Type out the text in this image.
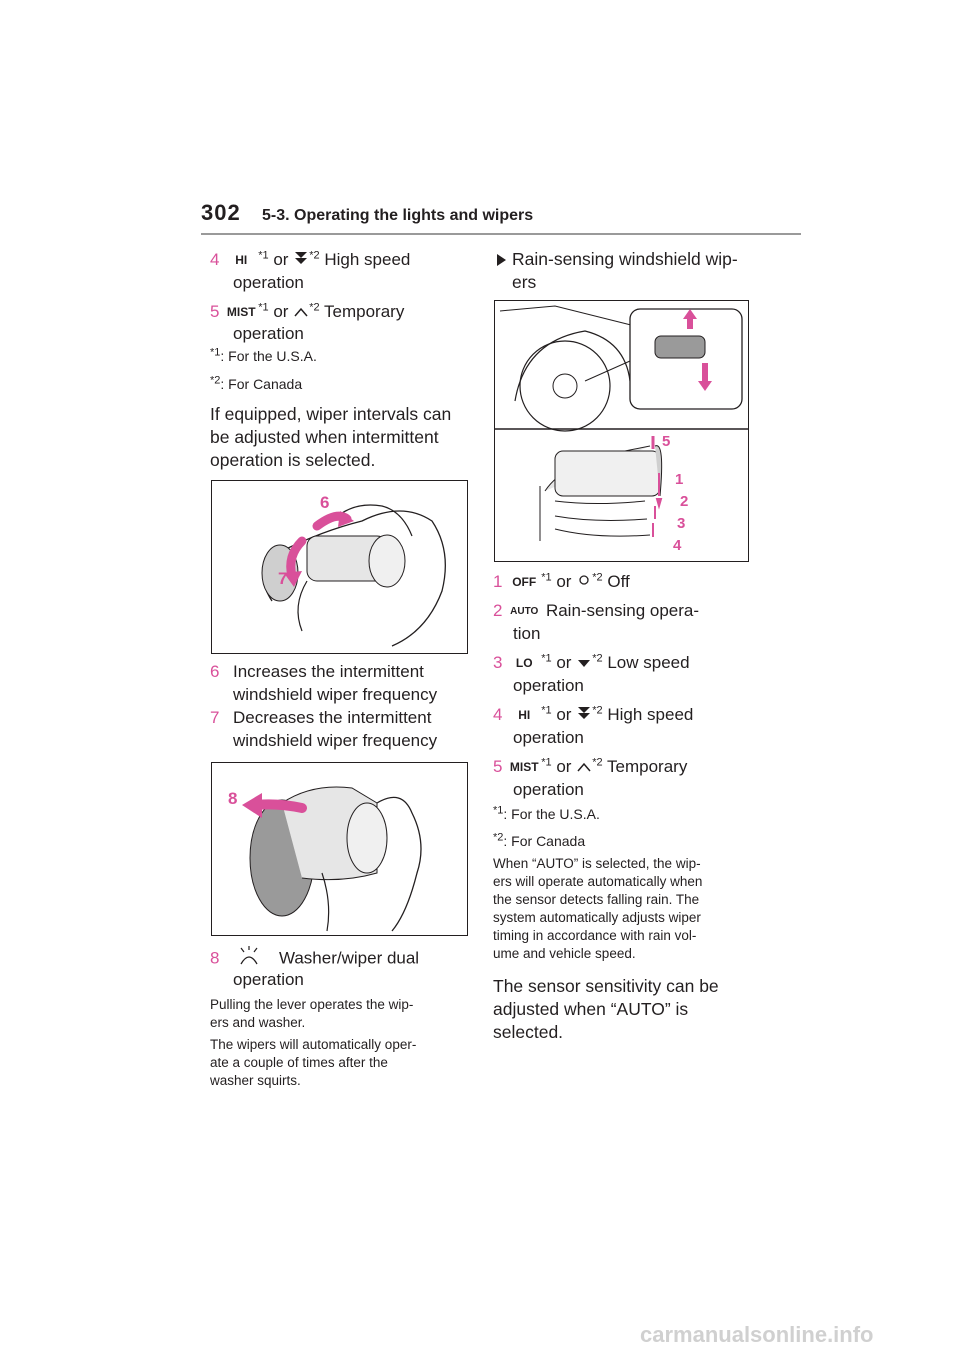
302 5-3. Operating the lights and wipers
4 HI $^{*1}$ or $^{*2}$ High speed
operation
5 MIST $^{*1}$ or $^{*2}$ Temporary
operation
$^{*1}$: For the U.S.A.
$^{*2}$: For Canada
If equipped, wiper intervals can
be adjusted when intermittent
operation is selected.
6
7
6 Increases the intermittent
windshield wiper frequency
7 Decreases the intermittent
windshield wiper frequency
8
8	Washer/wiper dual
operation
Pulling the lever operates the wip-
ers and washer.
The wipers will automatically oper-
ate a couple of times after the
washer squirts.
Rain-sensing windshield wip-
ers
5
1
2
3
4
1 OFF $^{*1}$ or $^{*2}$ Off
2 AUTO Rain-sensing opera-
tion
3 LO $^{*1}$ or $^{*2}$ Low speed
operation
4 HI $^{*1}$ or $^{*2}$ High speed
operation
5 MIST $^{*1}$ or $^{*2}$ Temporary
operation
$^{*1}$: For the U.S.A.
$^{*2}$: For Canada
When “AUTO” is selected, the wip-
ers will operate automatically when
the sensor detects falling rain. The
system automatically adjusts wiper
timing in accordance with rain vol-
ume and vehicle speed.
The sensor sensitivity can be
adjusted when “AUTO” is
selected.
carmanualsonline.info
